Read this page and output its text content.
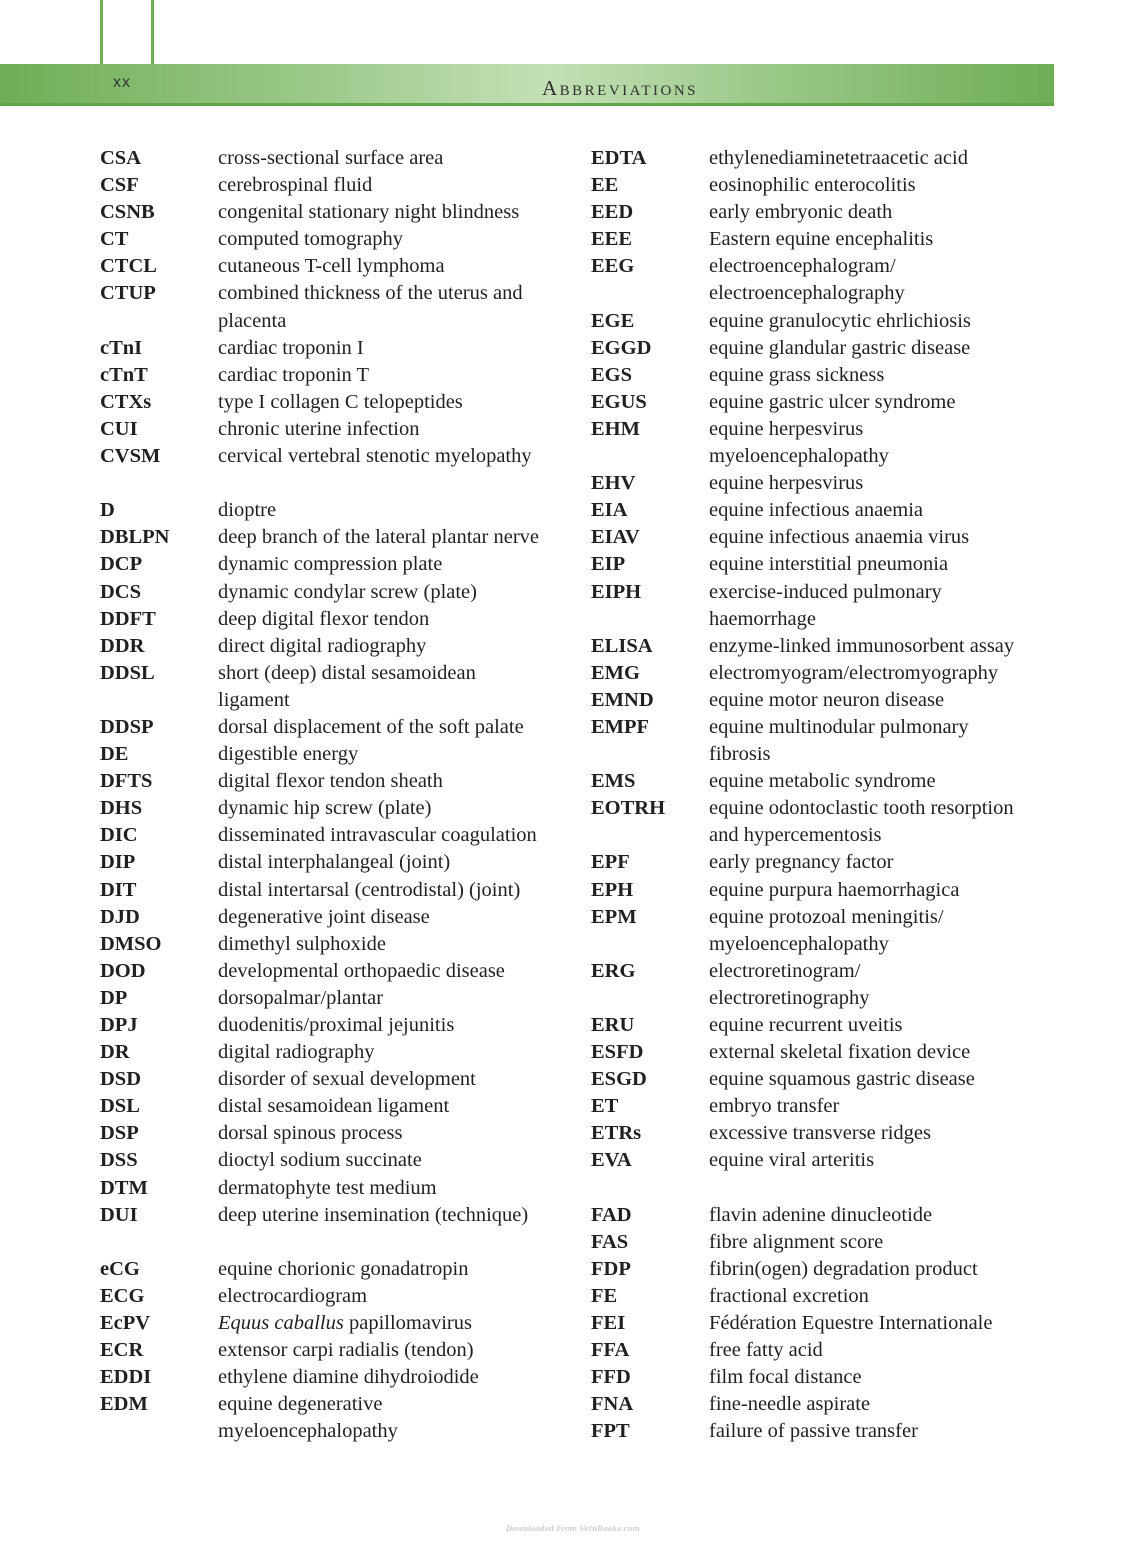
xx	Abbreviations
CSA	cross-sectional surface area
CSF	cerebrospinal fluid
CSNB	congenital stationary night blindness
CT	computed tomography
CTCL	cutaneous T-cell lymphoma
CTUP	combined thickness of the uterus and
placenta
cTnI	cardiac troponin I
cTnT	cardiac troponin T
CTXs	type I collagen C telopeptides
CUI	chronic uterine infection
CVSM	cervical vertebral stenotic myelopathy
D	dioptre
DBLPN	deep branch of the lateral plantar nerve
DCP	dynamic compression plate
DCS	dynamic condylar screw (plate)
DDFT	deep digital flexor tendon
DDR	direct digital radiography
DDSL	short (deep) distal sesamoidean
ligament
DDSP	dorsal displacement of the soft palate
DE	digestible energy
DFTS	digital flexor tendon sheath
DHS	dynamic hip screw (plate)
DIC	disseminated intravascular coagulation
DIP	distal interphalangeal (joint)
DIT	distal intertarsal (centrodistal) (joint)
DJD	degenerative joint disease
DMSO	dimethyl sulphoxide
DOD	developmental orthopaedic disease
DP	dorsopalmar/plantar
DPJ	duodenitis/proximal jejunitis
DR	digital radiography
DSD	disorder of sexual development
DSL	distal sesamoidean ligament
DSP	dorsal spinous process
DSS	dioctyl sodium succinate
DTM	dermatophyte test medium
DUI	deep uterine insemination (technique)
eCG	equine chorionic gonadatropin
ECG	electrocardiogram
EcPV	Equus caballus papillomavirus
ECR	extensor carpi radialis (tendon)
EDDI	ethylene diamine dihydroiodide
EDM	equine degenerative
myeloencephalopathy
EDTA	ethylenediaminetetraacetic acid
EE	eosinophilic enterocolitis
EED	early embryonic death
EEE	Eastern equine encephalitis
EEG	electroencephalogram/
electroencephalography
EGE	equine granulocytic ehrlichiosis
EGGD	equine glandular gastric disease
EGS	equine grass sickness
EGUS	equine gastric ulcer syndrome
EHM	equine herpesvirus
myeloencephalopathy
EHV	equine herpesvirus
EIA	equine infectious anaemia
EIAV	equine infectious anaemia virus
EIP	equine interstitial pneumonia
EIPH	exercise-induced pulmonary
haemorrhage
ELISA	enzyme-linked immunosorbent assay
EMG	electromyogram/electromyography
EMND	equine motor neuron disease
EMPF	equine multinodular pulmonary
fibrosis
EMS	equine metabolic syndrome
EOTRH	equine odontoclastic tooth resorption
and hypercementosis
EPF	early pregnancy factor
EPH	equine purpura haemorrhagica
EPM	equine protozoal meningitis/
myeloencephalopathy
ERG	electroretinogram/
electroretinography
ERU	equine recurrent uveitis
ESFD	external skeletal fixation device
ESGD	equine squamous gastric disease
ET	embryo transfer
ETRs	excessive transverse ridges
EVA	equine viral arteritis
FAD	flavin adenine dinucleotide
FAS	fibre alignment score
FDP	fibrin(ogen) degradation product
FE	fractional excretion
FEI	Fédération Equestre Internationale
FFA	free fatty acid
FFD	film focal distance
FNA	fine-needle aspirate
FPT	failure of passive transfer
Downloaded From VetnBooks.com
